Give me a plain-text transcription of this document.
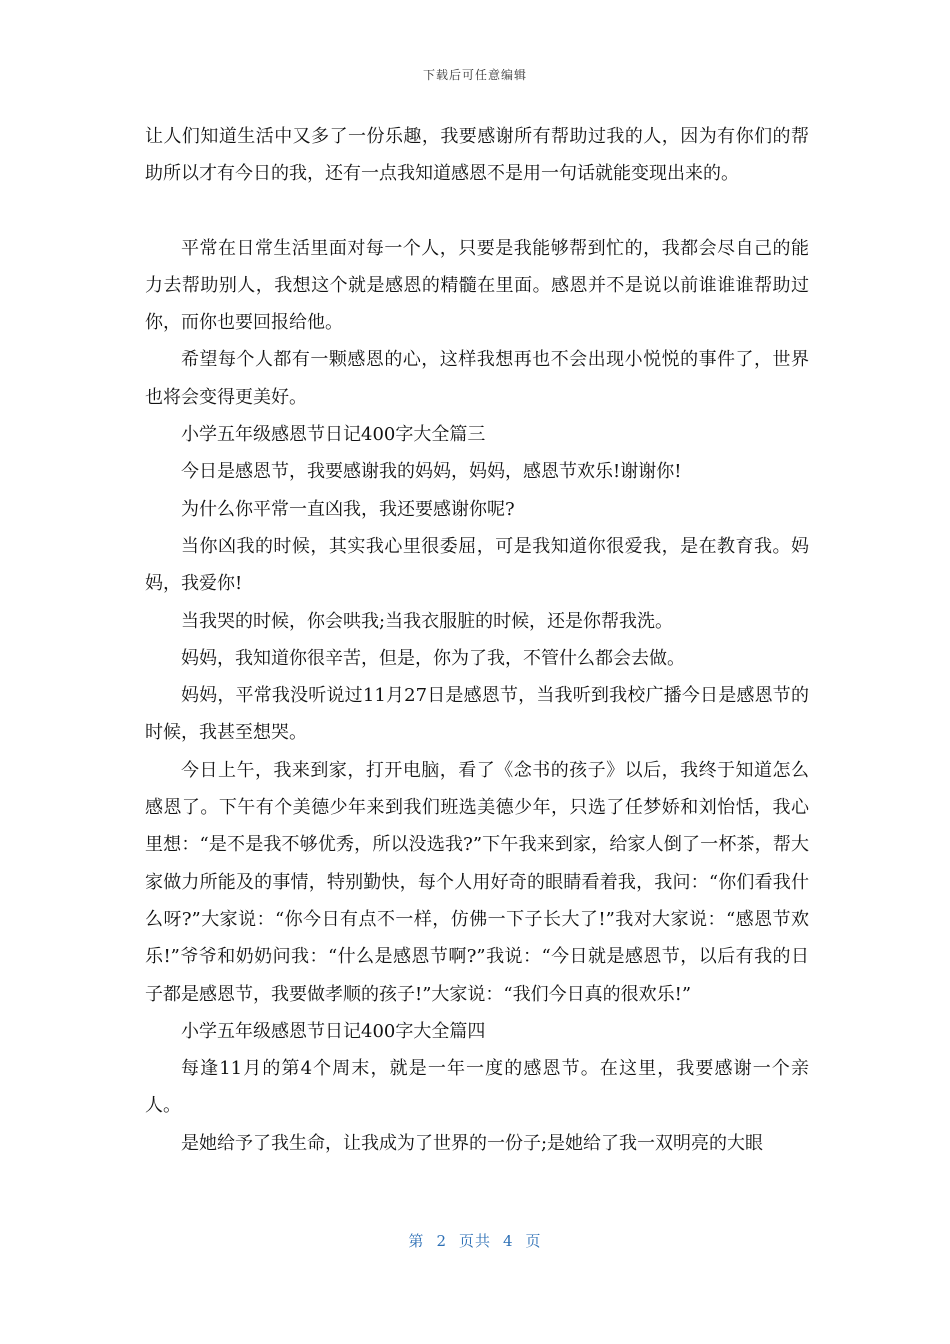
下载后可任意编辑

让人们知道生活中又多了一份乐趣，我要感谢所有帮助过我的人，因为有你们的帮助所以才有今日的我，还有一点我知道感恩不是用一句话就能变现出来的。

平常在日常生活里面对每一个人，只要是我能够帮到忙的，我都会尽自己的能力去帮助别人，我想这个就是感恩的精髓在里面。感恩并不是说以前谁谁谁帮助过你，而你也要回报给他。

希望每个人都有一颗感恩的心，这样我想再也不会出现小悦悦的事件了，世界也将会变得更美好。

小学五年级感恩节日记400字大全篇三

今日是感恩节，我要感谢我的妈妈，妈妈，感恩节欢乐!谢谢你!

为什么你平常一直凶我，我还要感谢你呢?

当你凶我的时候，其实我心里很委屈，可是我知道你很爱我，是在教育我。妈妈，我爱你!

当我哭的时候，你会哄我;当我衣服脏的时候，还是你帮我洗。

妈妈，我知道你很辛苦，但是，你为了我，不管什么都会去做。

妈妈，平常我没听说过11月27日是感恩节，当我听到我校广播今日是感恩节的时候，我甚至想哭。

今日上午，我来到家，打开电脑，看了《念书的孩子》以后，我终于知道怎么感恩了。下午有个美德少年来到我们班选美德少年，只选了任梦娇和刘怡恬，我心里想：“是不是我不够优秀，所以没选我?”下午我来到家，给家人倒了一杯茶，帮大家做力所能及的事情，特别勤快，每个人用好奇的眼睛看着我，我问：“你们看我什么呀?”大家说：“你今日有点不一样，仿佛一下子长大了!”我对大家说：“感恩节欢乐!”爷爷和奶奶问我：“什么是感恩节啊?”我说：“今日就是感恩节，以后有我的日子都是感恩节，我要做孝顺的孩子!”大家说：“我们今日真的很欢乐!”

小学五年级感恩节日记400字大全篇四

每逢11月的第4个周末，就是一年一度的感恩节。在这里，我要感谢一个亲人。

是她给予了我生命，让我成为了世界的一份子;是她给了我一双明亮的大眼

第 2 页共 4 页
